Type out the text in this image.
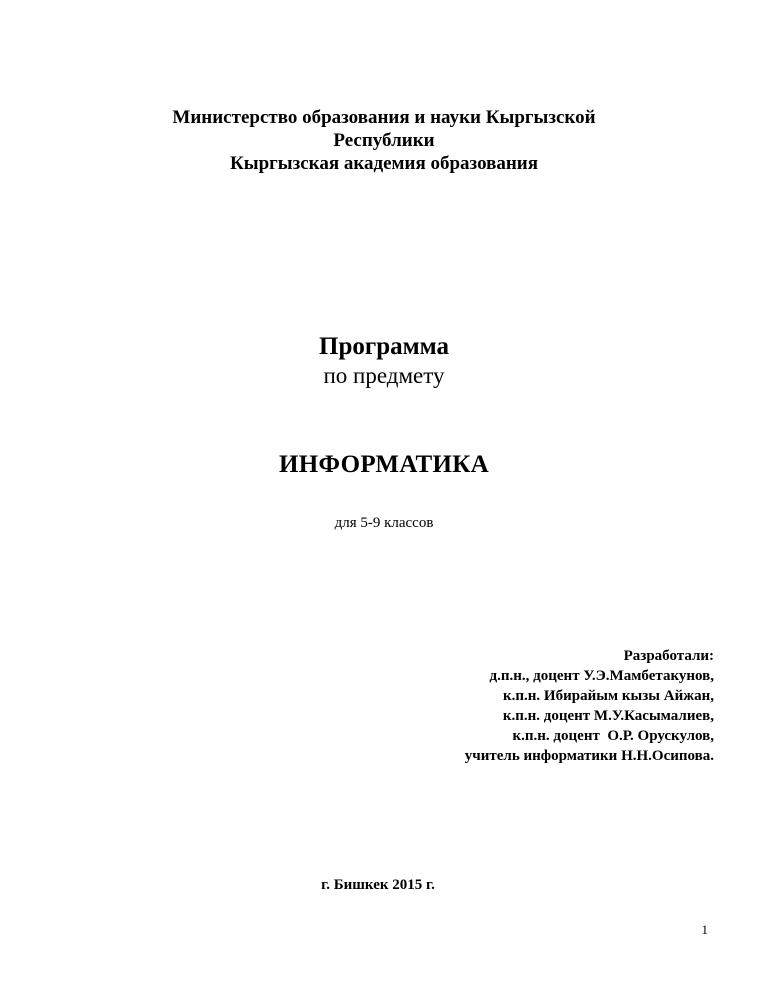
Министерство образования и науки Кыргызской
Республики
Кыргызская академия образования
Программа
по предмету
ИНФОРМАТИКА
для 5-9 классов
Разработали:
д.п.н., доцент У.Э.Мамбетакунов,
к.п.н. Ибирайым кызы Айжан,
к.п.н. доцент М.У.Касымалиев,
к.п.н. доцент  О.Р. Орускулов,
учитель информатики Н.Н.Осипова.
г. Бишкек 2015 г.
1
